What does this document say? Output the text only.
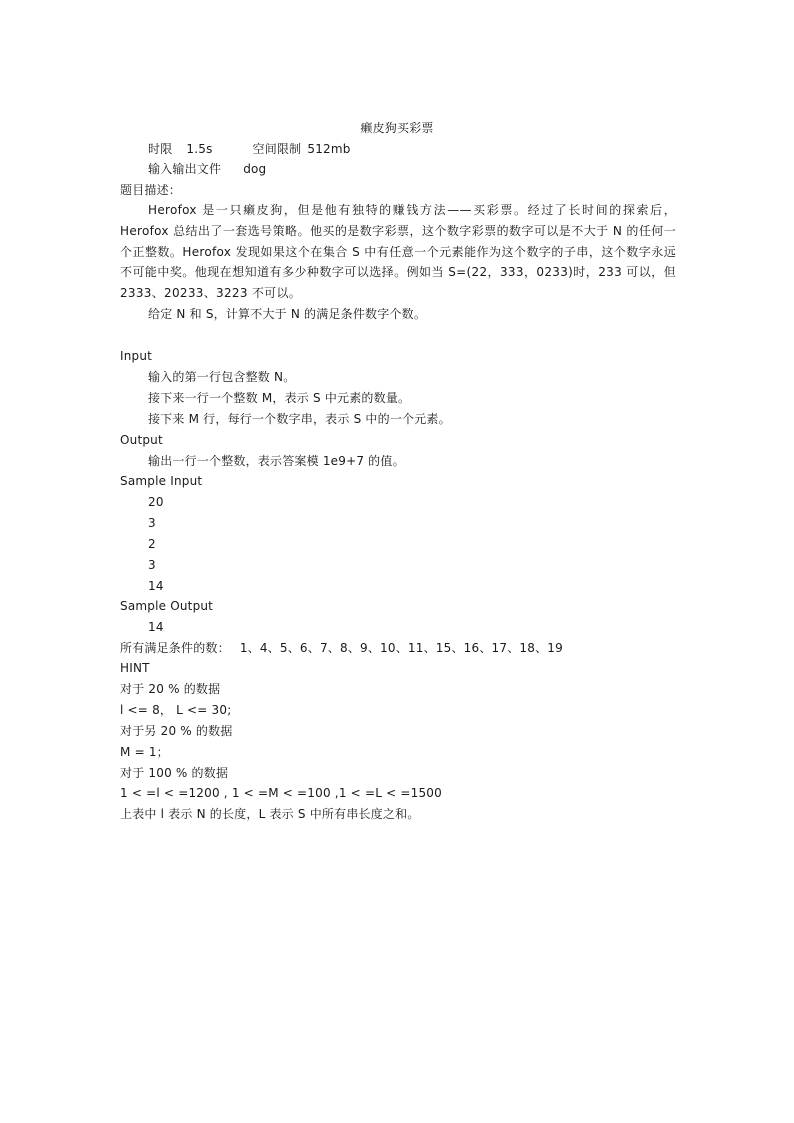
癞皮狗买彩票
时限 1.5s	空间限制 512mb
输入输出文件 dog
题目描述：
Herofox 是一只癞皮狗，但是他有独特的赚钱方法——买彩票。经过了长时间的探索后，Herofox 总结出了一套选号策略。他买的是数字彩票，这个数字彩票的数字可以是不大于 N 的任何一个正整数。Herofox 发现如果这个在集合 S 中有任意一个元素能作为这个数字的子串，这个数字永远不可能中奖。他现在想知道有多少种数字可以选择。例如当 S=(22，333，0233)时，233 可以，但 2333、20233、3223 不可以。
给定 N 和 S，计算不大于 N 的满足条件数字个数。
Input
输入的第一行包含整数 N。
接下来一行一个整数 M，表示 S 中元素的数量。
接下来 M 行，每行一个数字串，表示 S 中的一个元素。
Output
输出一行一个整数，表示答案模 1e9+7 的值。
Sample Input
20
3
2
3
14
Sample Output
14
所有满足条件的数： 1、4、5、6、7、8、9、10、11、15、16、17、18、19
HINT
对于 20 % 的数据
l <= 8， L <= 30;
对于另 20 % 的数据
M = 1；
对于 100 % 的数据
1 < =l < =1200 , 1 < =M < =100 ,1 < =L < =1500
上表中 l 表示 N 的长度，L 表示 S 中所有串长度之和。
